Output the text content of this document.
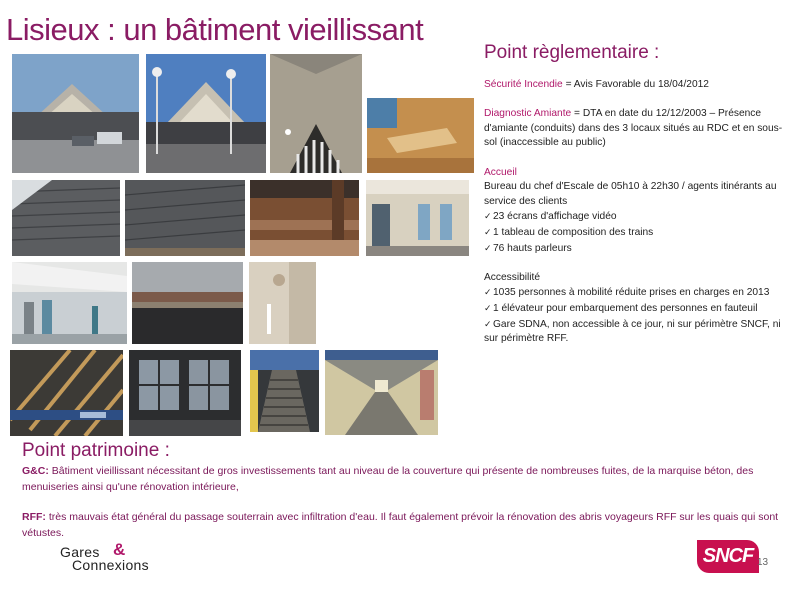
Lisieux : un bâtiment vieillissant
Point règlementaire :

Sécurité Incendie = Avis Favorable du 18/04/2012

Diagnostic Amiante = DTA en date du 12/12/2003 – Présence d'amiante (conduits) dans des 3 locaux situés au RDC et en sous-sol (inaccessible au public)

Accueil

Bureau du chef d'Escale de 05h10 à 22h30 / agents itinérants au service des clients

✓23 écrans d'affichage vidéo

✓1 tableau de composition des trains

✓76 hauts parleurs

Accessibilité

✓1035 personnes à mobilité réduite prises en charges en 2013

✓1 élévateur pour embarquement des personnes en fauteuil

✓Gare SDNA, non accessible à ce jour, ni sur périmètre SNCF, ni sur périmètre RFF.

Point patrimoine :

G&C: Bâtiment vieillissant nécessitant de gros investissements tant au niveau de la couverture qui présente de nombreuses fuites, de la marquise béton, des menuiseries ainsi qu'une rénovation intérieure,

RFF: très mauvais état général du passage souterrain avec infiltration d'eau. Il faut également prévoir la rénovation des abris voyageurs RFF sur les quais qui sont vétustes.

Gares &
Connexions	SNCF 13
